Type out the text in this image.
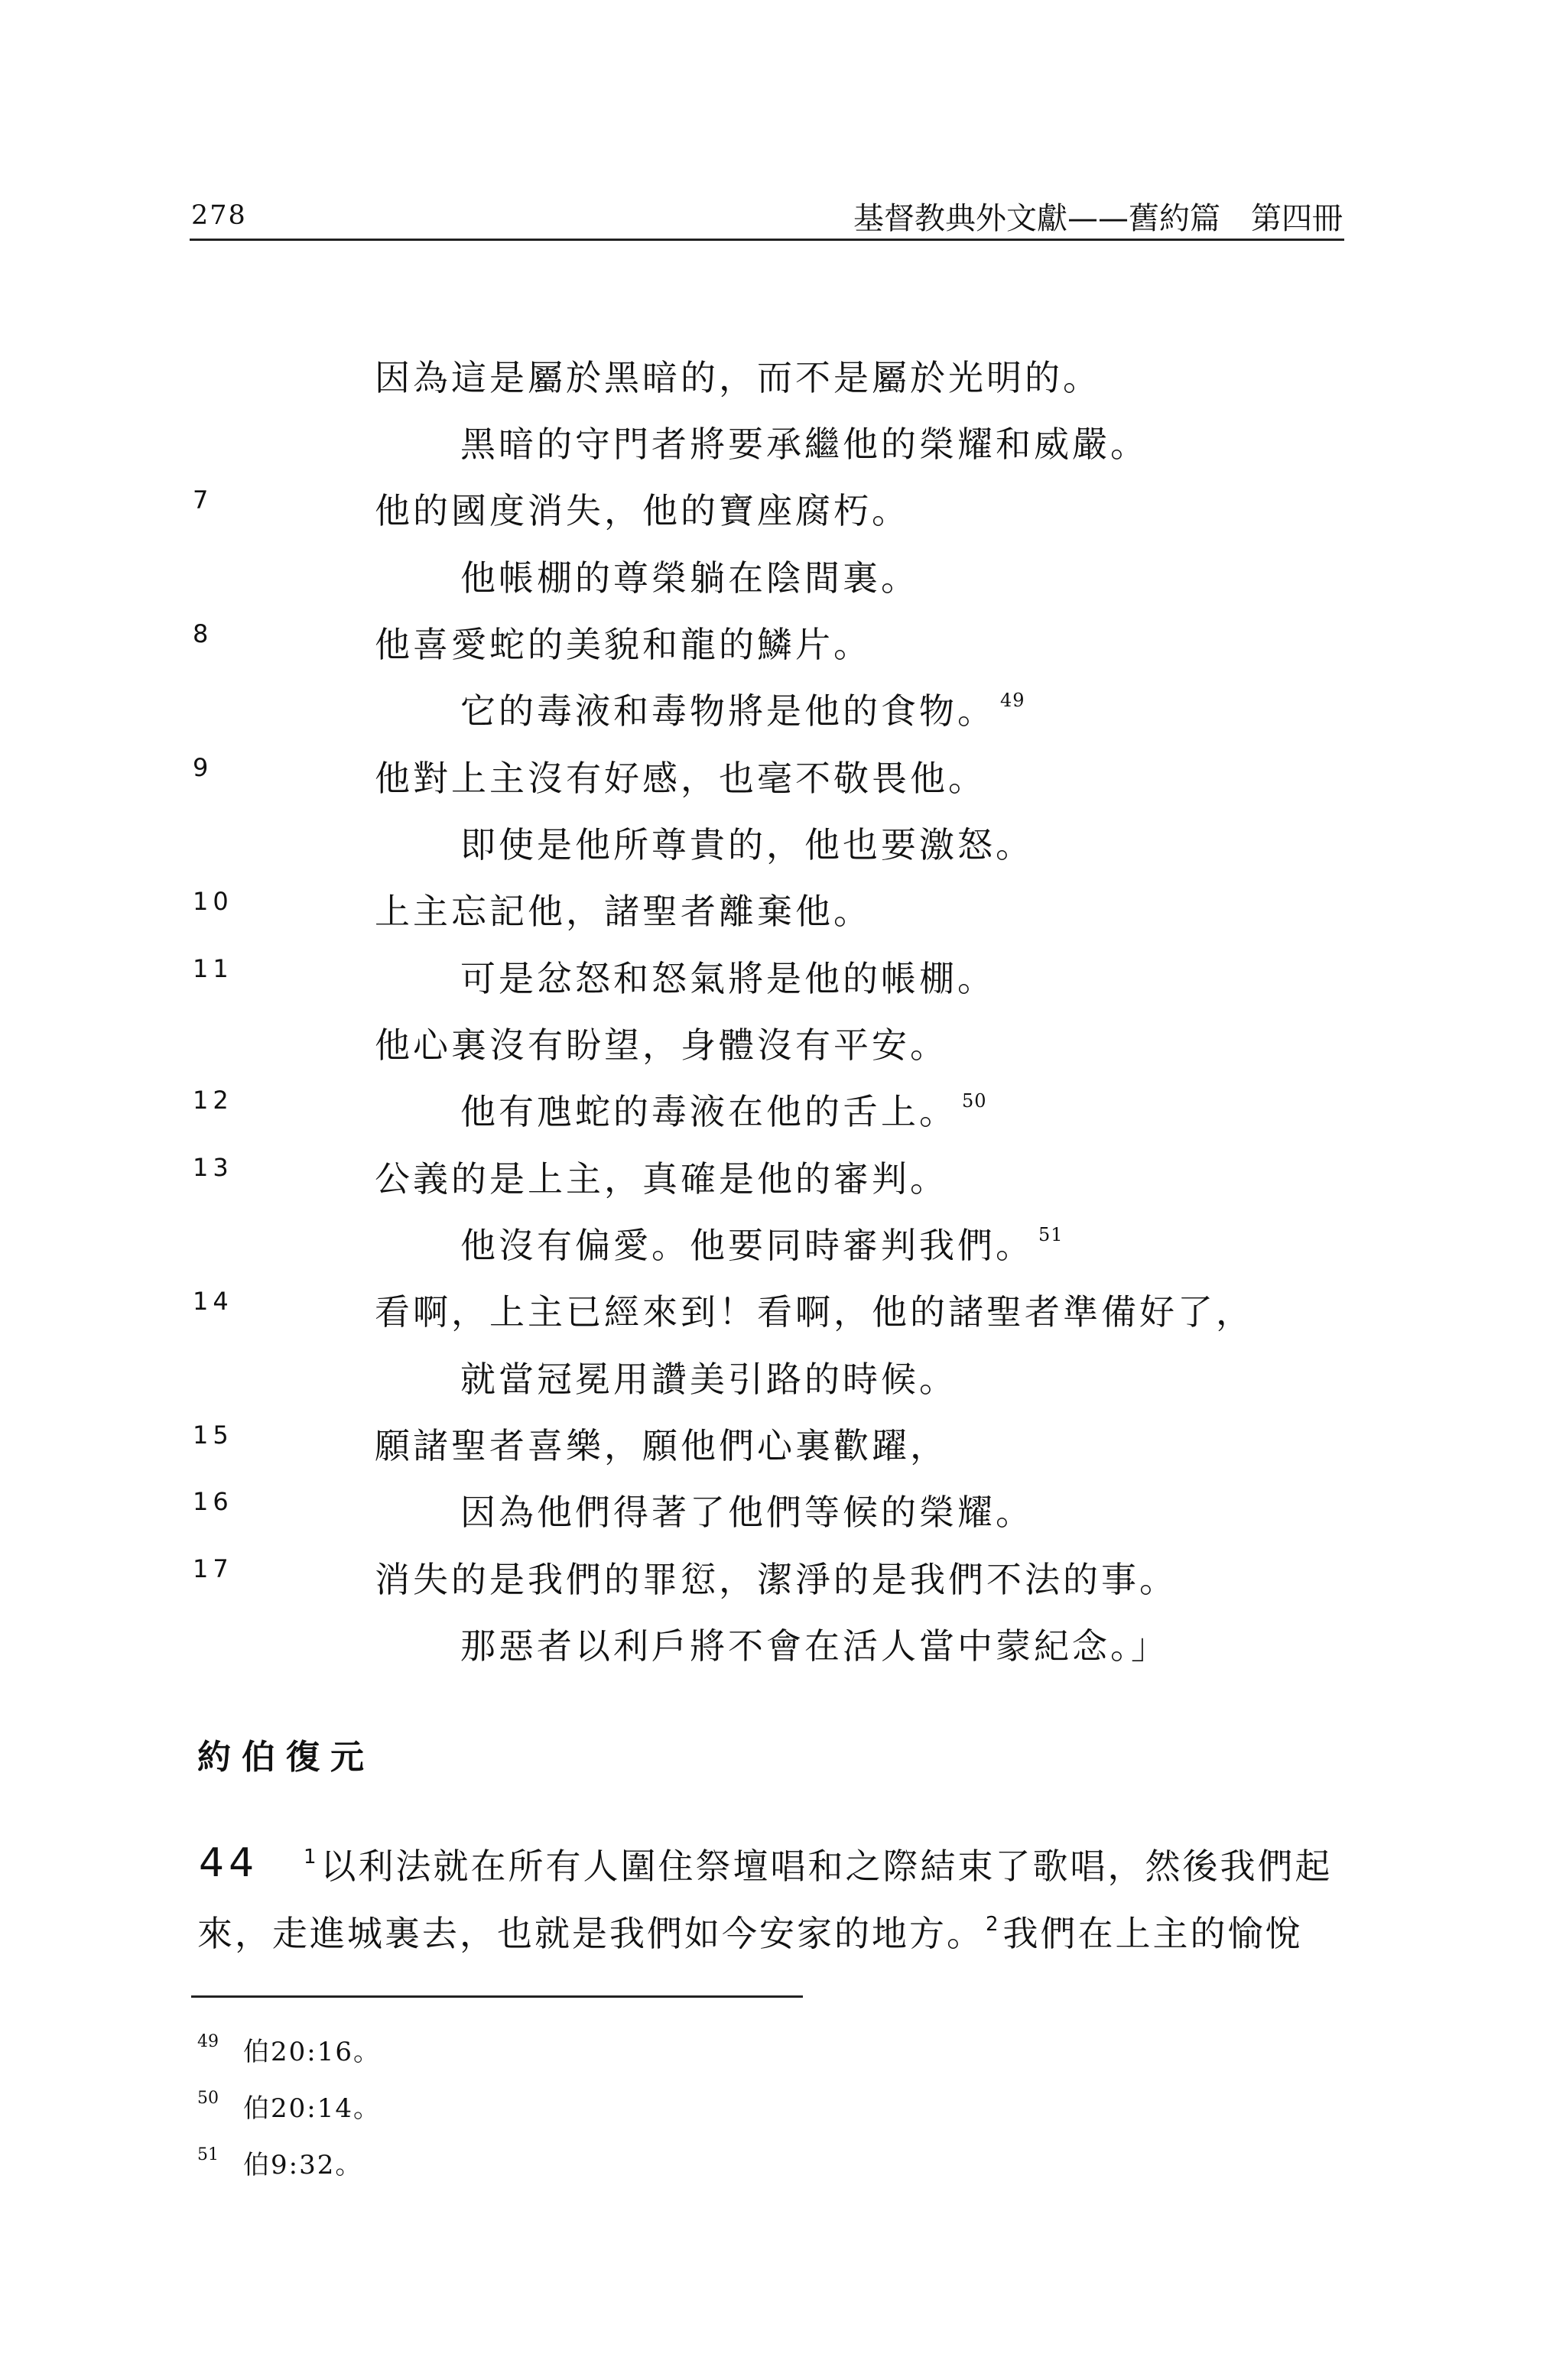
278	基督教典外文獻——舊約篇　第四冊
7
8
9
10
11
12
13
14
15
16
17
因為這是屬於黑暗的，而不是屬於光明的。
黑暗的守門者將要承繼他的榮耀和威嚴。
他的國度消失，他的寶座腐朽。
他帳棚的尊榮躺在陰間裏。
他喜愛蛇的美貌和龍的鱗片。
它的毒液和毒物將是他的食物。 $^{49}$
他對上主沒有好感，也毫不敬畏他。
即使是他所尊貴的，他也要激怒。
上主忘記他，諸聖者離棄他。
可是忿怒和怒氣將是他的帳棚。
他心裏沒有盼望，身體沒有平安。
他有虺蛇的毒液在他的舌上。 $^{50}$
公義的是上主，真確是他的審判。
他沒有偏愛。他要同時審判我們。 $^{51}$
看啊，上主已經來到！看啊，他的諸聖者準備好了，
就當冠冕用讚美引路的時候。
願諸聖者喜樂，願他們心裏歡躍，
因為他們得著了他們等候的榮耀。
消失的是我們的罪愆，潔淨的是我們不法的事。
那惡者以利戶將不會在活人當中蒙紀念。」
約伯復元
44 $^1$ 以利法就在所有人圍住祭壇唱和之際結束了歌唱，然後我們起
來，走進城裏去，也就是我們如今安家的地方。$^2$ 我們在上主的愉悅
49 伯20:16。
50 伯20:14。
51 伯9:32。
